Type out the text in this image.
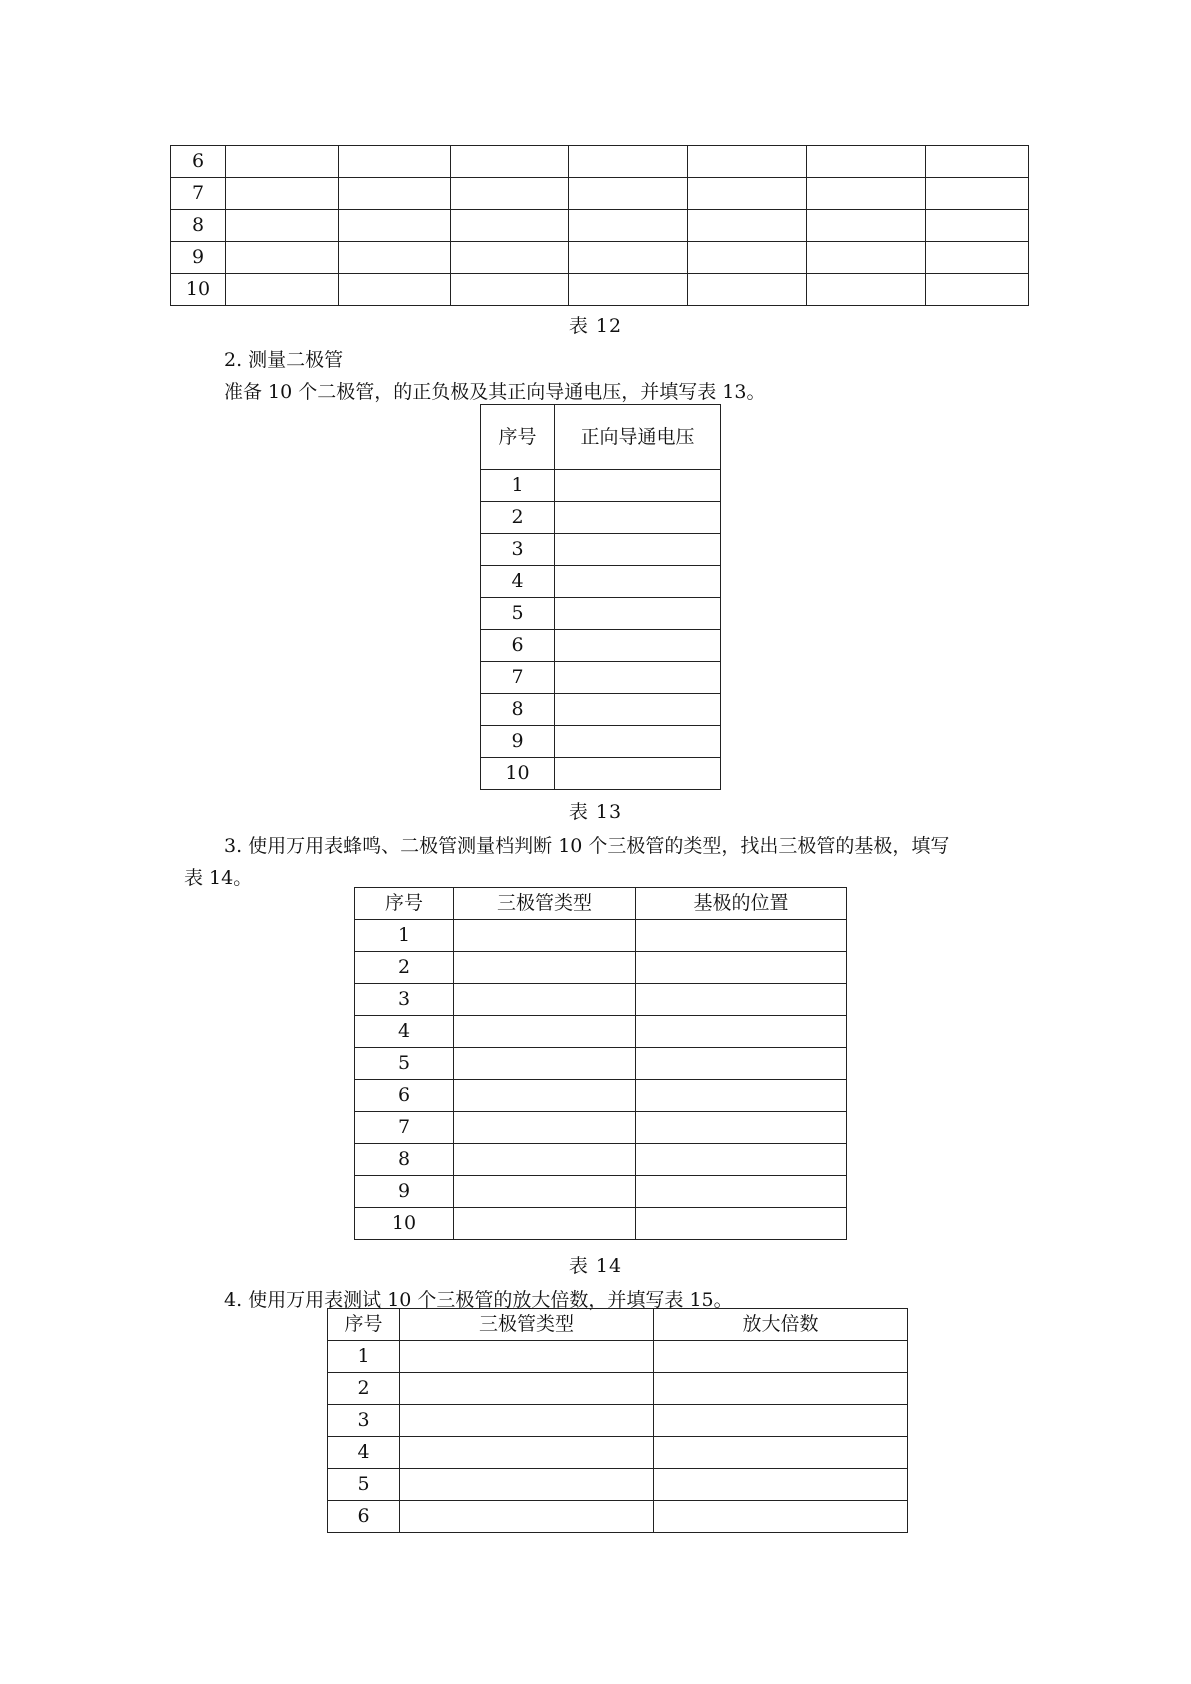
6							
7							
8							
9							
10							
表 12
2. 测量二极管
准备 10 个二极管，的正负极及其正向导通电压，并填写表 13。
序号	正向导通电压
1	
2	
3	
4	
5	
6	
7	
8	
9	
10	
表 13
3. 使用万用表蜂鸣、二极管测量档判断 10 个三极管的类型，找出三极管的基极，填写
表 14。
序号	三极管类型	基极的位置
1		
2		
3		
4		
5		
6		
7		
8		
9		
10		
表 14
4. 使用万用表测试 10 个三极管的放大倍数，并填写表 15。
序号	三极管类型	放大倍数
1		
2		
3		
4		
5		
6		
